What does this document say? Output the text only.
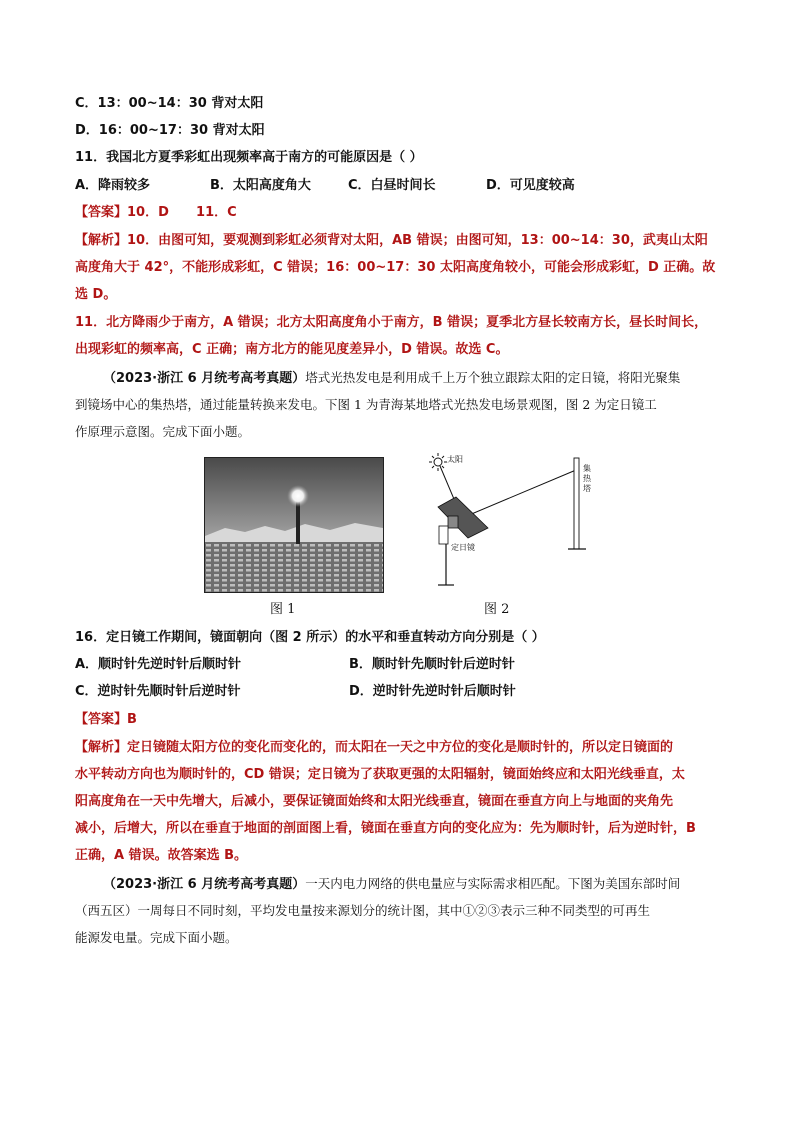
C．13：00~14：30 背对太阳
D．16：00~17：30 背对太阳
11．我国北方夏季彩虹出现频率高于南方的可能原因是（ ）
A．降雨较多	B．太阳高度角大	C．白昼时间长	D．可见度较高
【答案】10．D      11．C
【解析】10．由图可知，要观测到彩虹必须背对太阳，AB 错误；由图可知，13：00~14：30，武夷山太阳
高度角大于 42°，不能形成彩虹，C 错误；16：00~17：30 太阳高度角较小，可能会形成彩虹，D 正确。故
选 D。
11．北方降雨少于南方，A 错误；北方太阳高度角小于南方，B 错误；夏季北方昼长较南方长，昼长时间长，
出现彩虹的频率高，C 正确；南方北方的能见度差异小，D 错误。故选 C。
（2023·浙江 6 月统考高考真题）塔式光热发电是利用成千上万个独立跟踪太阳的定日镜，将阳光聚集
到镜场中心的集热塔，通过能量转换来发电。下图 1 为青海某地塔式光热发电场景观图，图 2 为定日镜工
作原理示意图。完成下面小题。
太阳
集热塔
定日镜
图 1	图 2
16．定日镜工作期间，镜面朝向（图 2 所示）的水平和垂直转动方向分别是（ ）
A．顺时针先逆时针后顺时针	B．顺时针先顺时针后逆时针
C．逆时针先顺时针后逆时针	D．逆时针先逆时针后顺时针
【答案】B
【解析】定日镜随太阳方位的变化而变化的，而太阳在一天之中方位的变化是顺时针的，所以定日镜面的
水平转动方向也为顺时针的，CD 错误；定日镜为了获取更强的太阳辐射，镜面始终应和太阳光线垂直，太
阳高度角在一天中先增大，后减小，要保证镜面始终和太阳光线垂直，镜面在垂直方向上与地面的夹角先
减小，后增大，所以在垂直于地面的剖面图上看，镜面在垂直方向的变化应为：先为顺时针，后为逆时针，B
正确，A 错误。故答案选 B。
（2023·浙江 6 月统考高考真题）一天内电力网络的供电量应与实际需求相匹配。下图为美国东部时间
（西五区）一周每日不同时刻，平均发电量按来源划分的统计图，其中①②③表示三种不同类型的可再生
能源发电量。完成下面小题。
